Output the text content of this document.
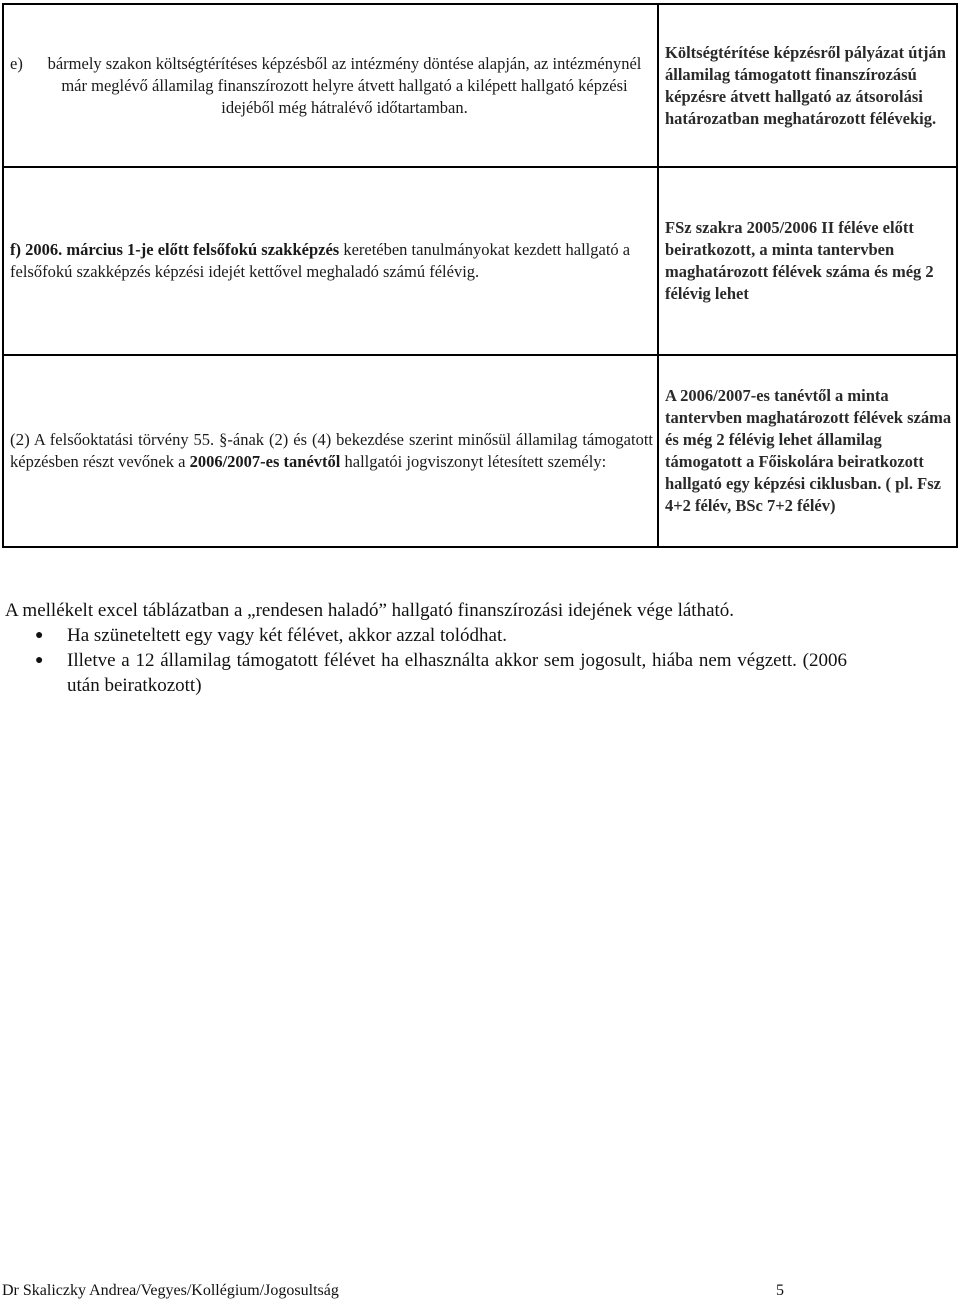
e) bármely szakon költségtérítéses képzésből az intézmény döntése alapján, az intézménynél már meglévő államilag finanszírozott helyre átvett hallgató a kilépett hallgató képzési idejéből még hátralévő időtartamban.	Költségtérítése képzésről pályázat útján államilag támogatott finanszírozású képzésre átvett hallgató az átsorolási határozatban meghatározott félévekig.

f) 2006. március 1-je előtt felsőfokú szakképzés keretében tanulmányokat kezdett hallgató a felsőfokú szakképzés képzési idejét kettővel meghaladó számú félévig.	FSz szakra 2005/2006 II féléve előtt beiratkozott, a minta tantervben maghatározott félévek száma és még 2 félévig lehet

(2) A felsőoktatási törvény 55. §-ának (2) és (4) bekezdése szerint minősül államilag támogatott képzésben részt vevőnek a 2006/2007-es tanévtől hallgatói jogviszonyt létesített személy:	A 2006/2007-es tanévtől a minta tantervben maghatározott félévek száma és még 2 félévig lehet államilag támogatott a Főiskolára beiratkozott hallgató egy képzési ciklusban. ( pl. Fsz 4+2 félév, BSc 7+2 félév)

A mellékelt excel táblázatban a „rendesen haladó” hallgató finanszírozási idejének vége látható.

● Ha szüneteltett egy vagy két félévet, akkor azzal tolódhat.
● Illetve a 12 államilag támogatott félévet ha elhasználta akkor sem jogosult, hiába nem végzett. (2006 után beiratkozott)
Dr Skaliczky Andrea/Vegyes/Kollégium/Jogosultság	5
